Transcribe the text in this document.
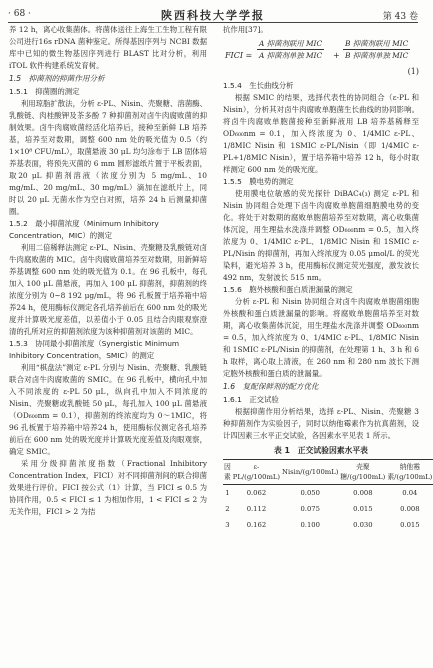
· 68 ·	陕西科技大学学报	第 43 卷

养 12 h，离心收集菌体。将菌体送往上海生工生物工程有限公司进行16s rDNA 菌种鉴定。所得基因序列与 NCBI 数据库中已知的微生物基因序列进行 BLAST 比对分析，利用 iTOL 软件构建系统发育树。

1.5　抑菌剂的抑菌作用分析
1.5.1　抑菌圈的测定

利用琼脂扩散法，分析 ε-PL、Nisin、壳聚糖、溶菌酶、乳酸链、肉桂酸钾及茶多酚 7 种抑菌剂对卤牛肉腐败菌的抑制效果。卤牛肉腐败菌经活化培养后，接种至新鲜 LB 培养基，培养至对数期，调整 600 nm 处的吸光值为 0.5（约 1×10⁸ CFU/mL），取菌悬液 30 μL 均匀涂布于 LB 固体培养基表面，将预先灭菌的 6 mm 圆形滤纸片置于平板表面，取20 μL 抑菌剂溶液（浓度分别为 5 mg/mL、10 mg/mL、20 mg/mL、30 mg/mL）滴加在滤纸片上，同时以 20 μL 无菌水作为空白对照，培养 24 h 后测量抑菌圈。

1.5.2　最小抑菌浓度（Minimum Inhibitory Concentration，MIC）的测定

利用二倍稀释法测定 ε-PL、Nisin、壳聚糖及乳酸链对卤牛肉腐败菌的 MIC。卤牛肉腐败菌培养至对数期，用新鲜培养基调整 600 nm 处的吸光值为 0.1。在 96 孔板中，每孔加入 100 μL 菌悬液，再加入 100 μL 抑菌剂，抑菌剂的终浓度分别为 0~8 192 μg/mL，将 96 孔板置于培养箱中培养24 h，使用酶标仪测定各孔培养前后在 600 nm 处的吸光度并计算吸光度差值，以差值小于 0.05 且结合肉眼观察澄清的孔所对应的抑菌剂浓度为该种抑菌剂对该菌的 MIC。

1.5.3　协同最小抑菌浓度（Synergistic Minimum Inhibitory Concentration，SMIC）的测定

利用“棋盘法”测定 ε-PL 分别与 Nisin、壳聚糖、乳酸链联合对卤牛肉腐败菌的 SMIC。在 96 孔板中，横向孔中加入不同浓度的 ε-PL 50 μL，纵向孔中加入不同浓度的 Nisin、壳聚糖或乳酸链 50 μL，每孔加入 100 μL 菌悬液（OD₆₀₀nm = 0.1），抑菌剂的终浓度均为 0～1MIC，将 96 孔板置于培养箱中培养24 h，使用酶标仪测定各孔培养前后在 600 nm 处的吸光度并计算吸光度差值及肉眼观察，确定 SMIC。

采用分级抑菌浓度指数（Fractional Inhibitory Concentration Index，FICI）对不同抑菌剂间的联合抑菌效果进行评价。FICI 按公式（1）计算，当 FICI ≤ 0.5 为协同作用，0.5 < FICI ≤ 1 为相加作用，1 < FICI ≤ 2 为无关作用，FICI > 2 为拮

抗作用[37]。

FICI =
A 抑菌剂联用 MIC
A 抑菌剂单独 MIC +
B 抑菌剂联用 MIC
B 抑菌剂单独 MIC
(1)
1.5.4　生长曲线分析

根据 SMIC 的结果，选择代表性的协同组合（ε-PL 和 Nisin），分析其对卤牛肉腐败单胞菌生长曲线的协同影响。将卤牛肉腐败单胞菌接种至新鲜液用 LB 培养基稀释至 OD₆₀₀nm = 0.1，加入终浓度为 0、1/4MIC ε-PL、1/8MIC Nisin 和 1SMIC ε-PL/Nisin（即 1/4MIC ε-PL+1/8MIC Nisin），置于培养箱中培养 12 h，每小时取样测定 600 nm 处的吸光度。

1.5.5　膜电势的测定

使用膜电位敏感的荧光探针 DiBAC₄(₃) 测定 ε-PL 和 Nisin 协同组合处理下卤牛肉腐败单胞菌细胞膜电势的变化。将处于对数期的腐败单胞菌培养至对数期，离心收集菌体沉淀，用生理盐水洗涤并调整 OD₆₀₀nm = 0.5，加入终浓度为 0、1/4MIC ε-PL、1/8MIC Nisin 和 1SMIC ε-PL/Nisin 的抑菌剂，再加入终浓度为 0.05 μmol/L 的荧光染料，避光培养 3 h，使用酶标仪测定荧光强度，激发波长 492 nm，发射波长 515 nm。

1.5.6　胞外核酸和蛋白质泄漏量的测定

分析 ε-PL 和 Nisin 协同组合对卤牛肉腐败单胞菌细胞外核酸和蛋白质泄漏量的影响。将腐败单胞菌培养至对数期，离心收集菌体沉淀，用生理盐水洗涤并调整 OD₆₀₀nm = 0.5，加入终浓度为 0、1/4MIC ε-PL、1/8MIC Nisin 和 1SMIC ε-PL/Nisin 的抑菌剂，在处理第 1 h、3 h 和 6 h 取样，离心取上清液，在 260 nm 和 280 nm 波长下测定胞外核酸和蛋白质的泄漏量。

1.6　复配保鲜剂的配方优化
1.6.1　正交试验

根据抑菌作用分析结果，选择 ε-PL、Nisin、壳聚糖 3 种抑菌剂作为实验因子，同时以纳他霉素作为抗真菌剂，设计四因素三水平正交试验，各因素水平见表 1 所示。

表 1　正交试验因素水平表
因素	ε-PL/(g/100mL)	Nisin/(g/100mL)	壳聚糖/(g/100mL)	纳他霉素/(g/100mL)
1	0.062	0.050	0.008	0.04
2	0.112	0.075	0.015	0.008
3	0.162	0.100	0.030	0.015
